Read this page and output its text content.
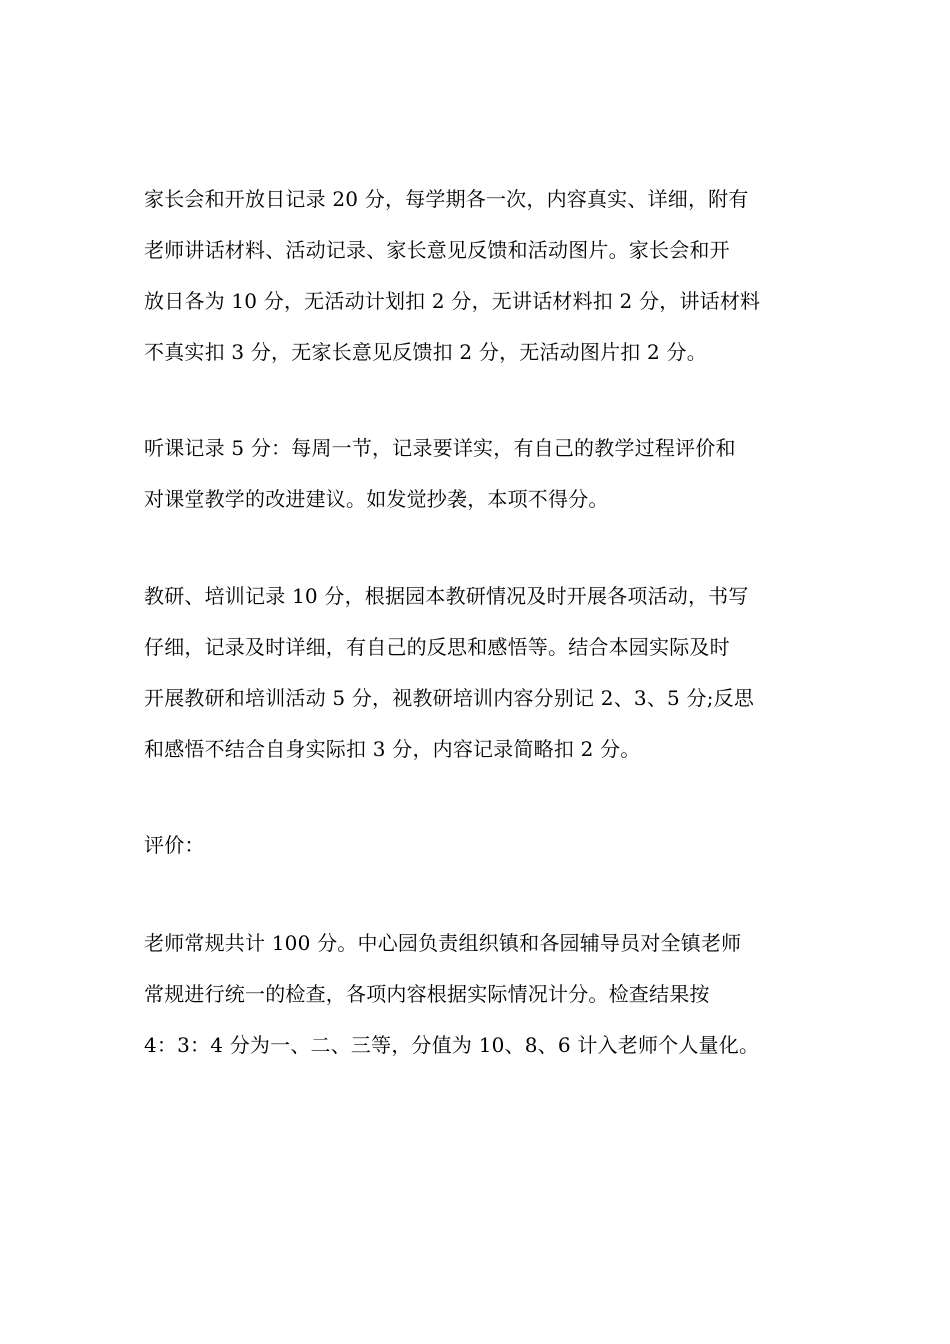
家长会和开放日记录 20 分，每学期各一次，内容真实、详细，附有
老师讲话材料、活动记录、家长意见反馈和活动图片。家长会和开
放日各为 10 分，无活动计划扣 2 分，无讲话材料扣 2 分，讲话材料
不真实扣 3 分，无家长意见反馈扣 2 分，无活动图片扣 2 分。
听课记录 5 分：每周一节，记录要详实，有自己的教学过程评价和
对课堂教学的改进建议。如发觉抄袭，本项不得分。
教研、培训记录 10 分，根据园本教研情况及时开展各项活动，书写
仔细，记录及时详细，有自己的反思和感悟等。结合本园实际及时
开展教研和培训活动 5 分，视教研培训内容分别记 2、3、5 分;反思
和感悟不结合自身实际扣 3 分，内容记录简略扣 2 分。
评价：
老师常规共计 100 分。中心园负责组织镇和各园辅导员对全镇老师
常规进行统一的检查，各项内容根据实际情况计分。检查结果按
4：3：4 分为一、二、三等，分值为 10、8、6 计入老师个人量化。
